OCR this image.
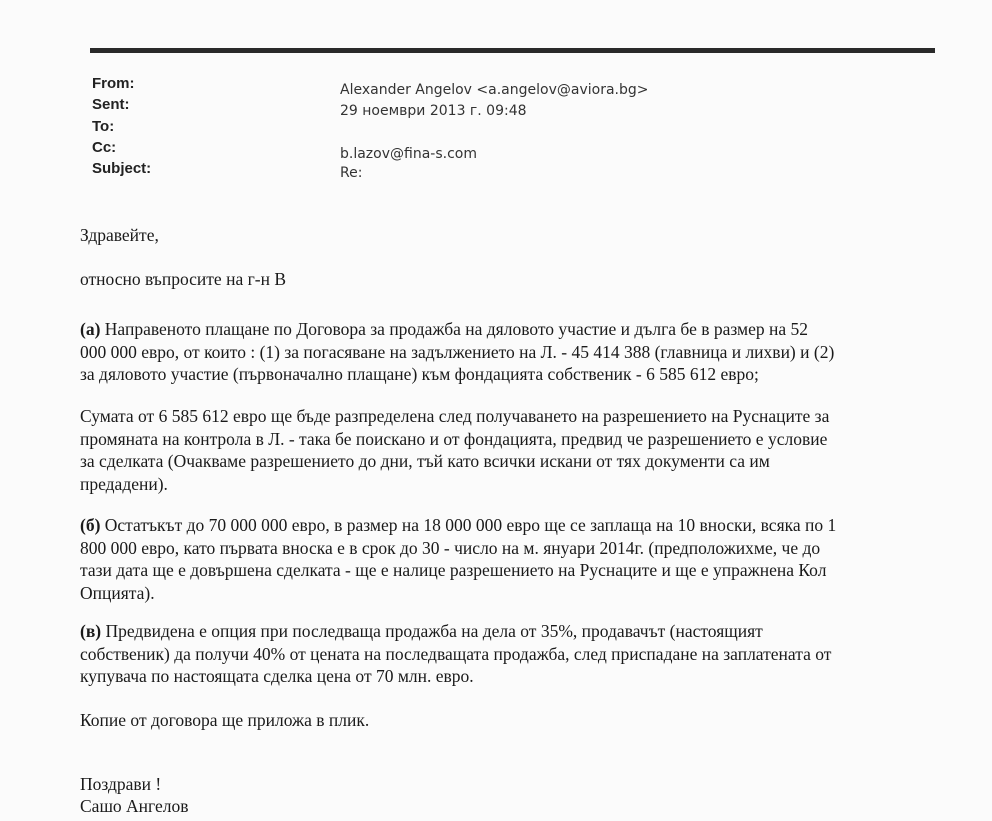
From:
Sent:
To:
Cc:
Subject:
Alexander Angelov <a.angelov@aviora.bg>
29 ноември 2013 г. 09:48
b.lazov@fina-s.com
Re:
Здравейте,
относно въпросите на г-н В
(а) Направеното плащане по Договора за продажба на дяловото участие и дълга бе в размер на 52
000 000 евро, от които : (1) за погасяване на задължението на Л. - 45 414 388 (главница и лихви) и (2)
за дяловото участие (първоначално плащане) към фондацията собственик - 6 585 612 евро;
Сумата от 6 585 612 евро ще бъде разпределена след получаването на разрешението на Руснаците за
промяната на контрола в Л. - така бе поискано и от фондацията, предвид че разрешението е условие
за сделката (Очакваме разрешението до дни, тъй като всички искани от тях документи са им
предадени).
(б) Остатъкът до 70 000 000 евро, в размер на 18 000 000 евро ще се заплаща на 10 вноски, всяка по 1
800 000 евро, като първата вноска е в срок до 30 - число на м. януари 2014г. (предположихме, че до
тази дата ще е довършена сделката - ще е налице разрешението на Руснаците и ще е упражнена Кол
Опцията).
(в) Предвидена е опция при последваща продажба на дела от 35%, продавачът (настоящият
собственик) да получи 40% от цената на последващата продажба, след приспадане на заплатената от
купувача по настоящата сделка цена от 70 млн. евро.
Копие от договора ще приложа в плик.
Поздрави !
Сашо Ангелов
